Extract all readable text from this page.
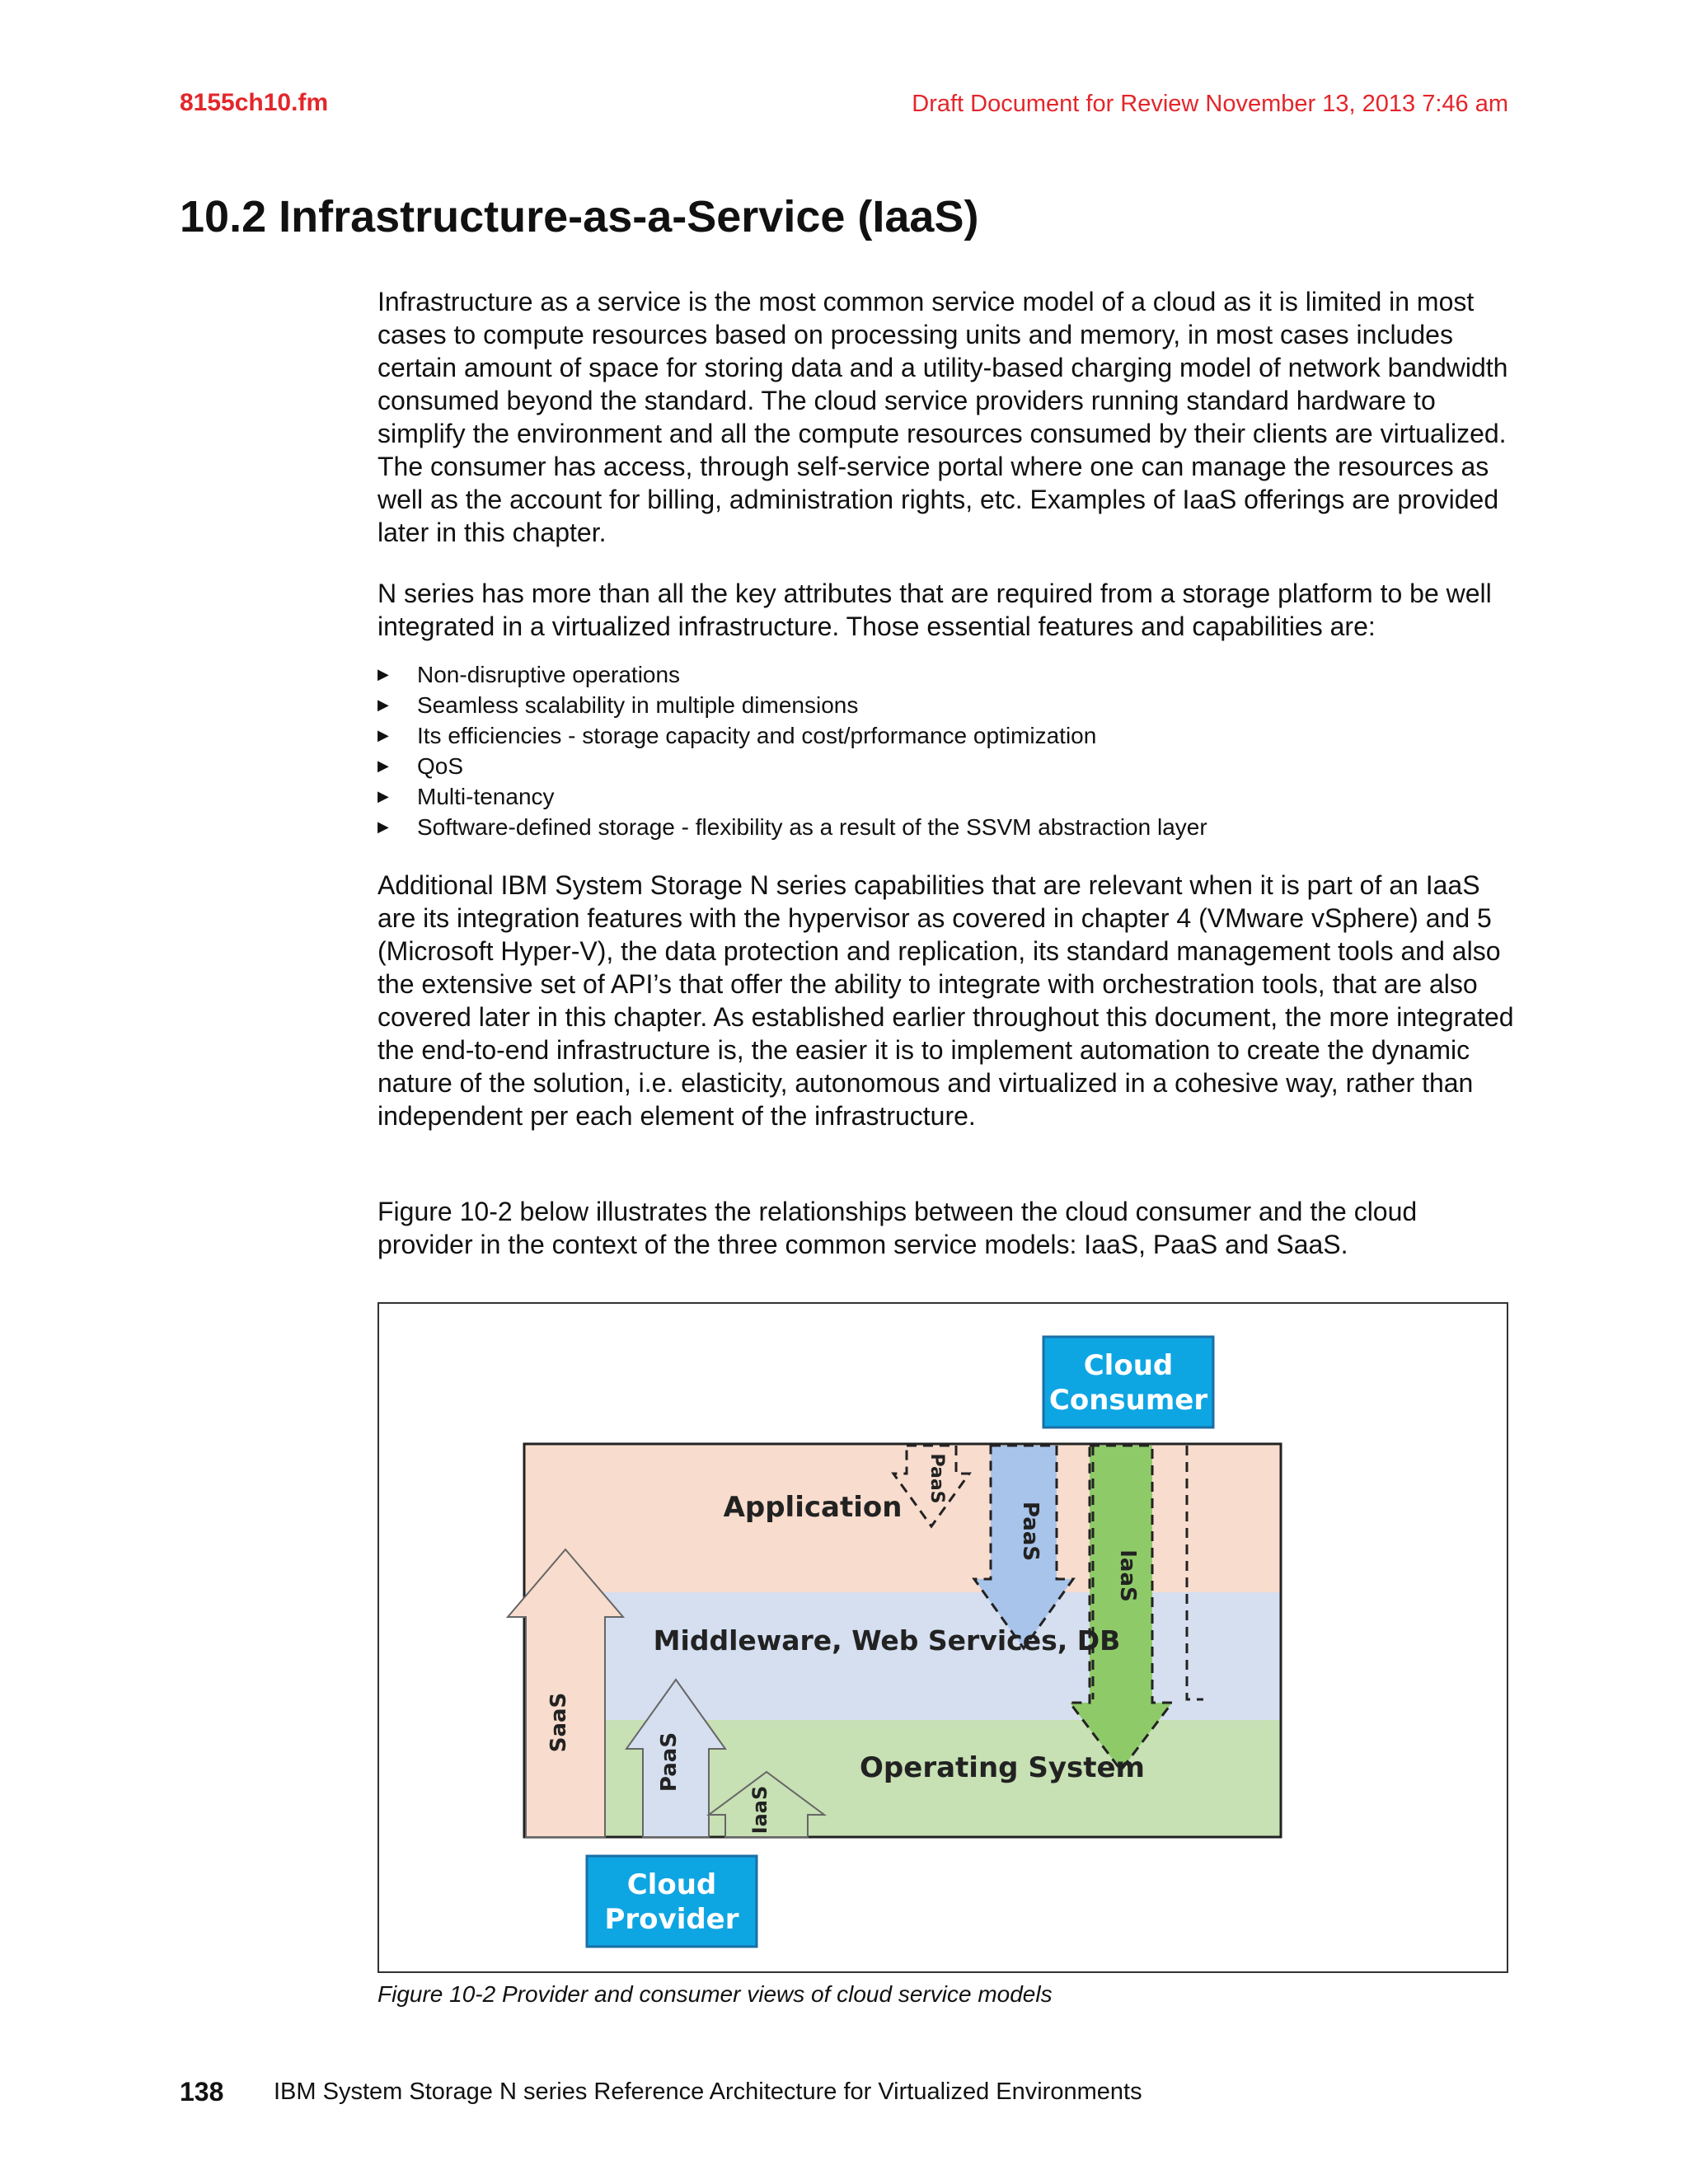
8155ch10.fm	Draft Document for Review November 13, 2013 7:46 am
10.2 Infrastructure-as-a-Service (IaaS)

Infrastructure as a service is the most common service model of a cloud as it is limited in most cases to compute resources based on processing units and memory, in most cases includes certain amount of space for storing data and a utility-based charging model of network bandwidth consumed beyond the standard. The cloud service providers running standard hardware to simplify the environment and all the compute resources consumed by their clients are virtualized. The consumer has access, through self-service portal where one can manage the resources as well as the account for billing, administration rights, etc. Examples of IaaS offerings are provided later in this chapter.

N series has more than all the key attributes that are required from a storage platform to be well integrated in a virtualized infrastructure. Those essential features and capabilities are:

▶ Non-disruptive operations
▶ Seamless scalability in multiple dimensions
▶ Its efficiencies - storage capacity and cost/prformance optimization
▶ QoS
▶ Multi-tenancy
▶ Software-defined storage - flexibility as a result of the SSVM abstraction layer

Additional IBM System Storage N series capabilities that are relevant when it is part of an IaaS are its integration features with the hypervisor as covered in chapter 4 (VMware vSphere) and 5 (Microsoft Hyper-V), the data protection and replication, its standard management tools and also the extensive set of API’s that offer the ability to integrate with orchestration tools, that are also covered later in this chapter. As established earlier throughout this document, the more integrated the end-to-end infrastructure is, the easier it is to implement automation to create the dynamic nature of the solution, i.e. elasticity, autonomous and virtualized in a cohesive way, rather than independent per each element of the infrastructure.

Figure 10-2 below illustrates the relationships between the cloud consumer and the cloud provider in the context of the three common service models: IaaS, PaaS and SaaS.

Application
Middleware, Web Services, DB
Operating System
SaaS
PaaS
IaaS
PaaS
IaaS
PaaS
Cloud
Consumer
Cloud
Provider
Figure 10-2 Provider and consumer views of cloud service models
138 IBM System Storage N series Reference Architecture for Virtualized Environments
